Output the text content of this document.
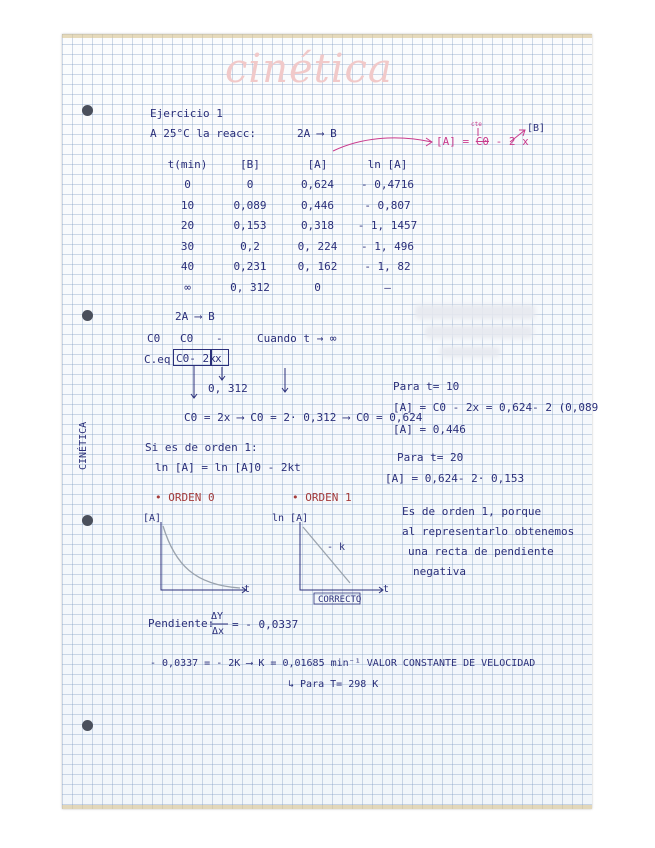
cinética
CINÉTICA
Ejercicio 1
A 25°C la reacc:	2A ⟶ B
[A] = C0 - 2 x
[B]
cte
t(min)	[B]	[A]	ln [A]
0	0	0,624	- 0,4716
10	0,089	0,446	- 0,807
20	0,153	0,318	- 1, 1457
30	0,2	0, 224	- 1, 496
40	0,231	0, 162	- 1, 82
∞	0, 312	0	—
2A ⟶ B
C0 C0 -	Cuando t → ∞
C.eq C0- 2x x
0, 312
C0 = 2x ⟶ C0 = 2· 0,312 ⟶ C0 = 0,624
Para t= 10
[A] = C0 - 2x = 0,624- 2 (0,089
[A] = 0,446
Para t= 20
[A] = 0,624- 2· 0,153
Si es de orden 1:
ln [A] = ln [A]0 - 2kt
• ORDEN 0	• ORDEN 1
[A]
t
ln [A]
t
- k
CORRECTO
Es de orden 1, porque
al representarlo obtenemos
una recta de pendiente
negativa
Pendiente:
ΔY
Δx
= - 0,0337
- 0,0337 = - 2K ⟶ K = 0,01685 min⁻¹ VALOR CONSTANTE DE VELOCIDAD
↳ Para T= 298 K
